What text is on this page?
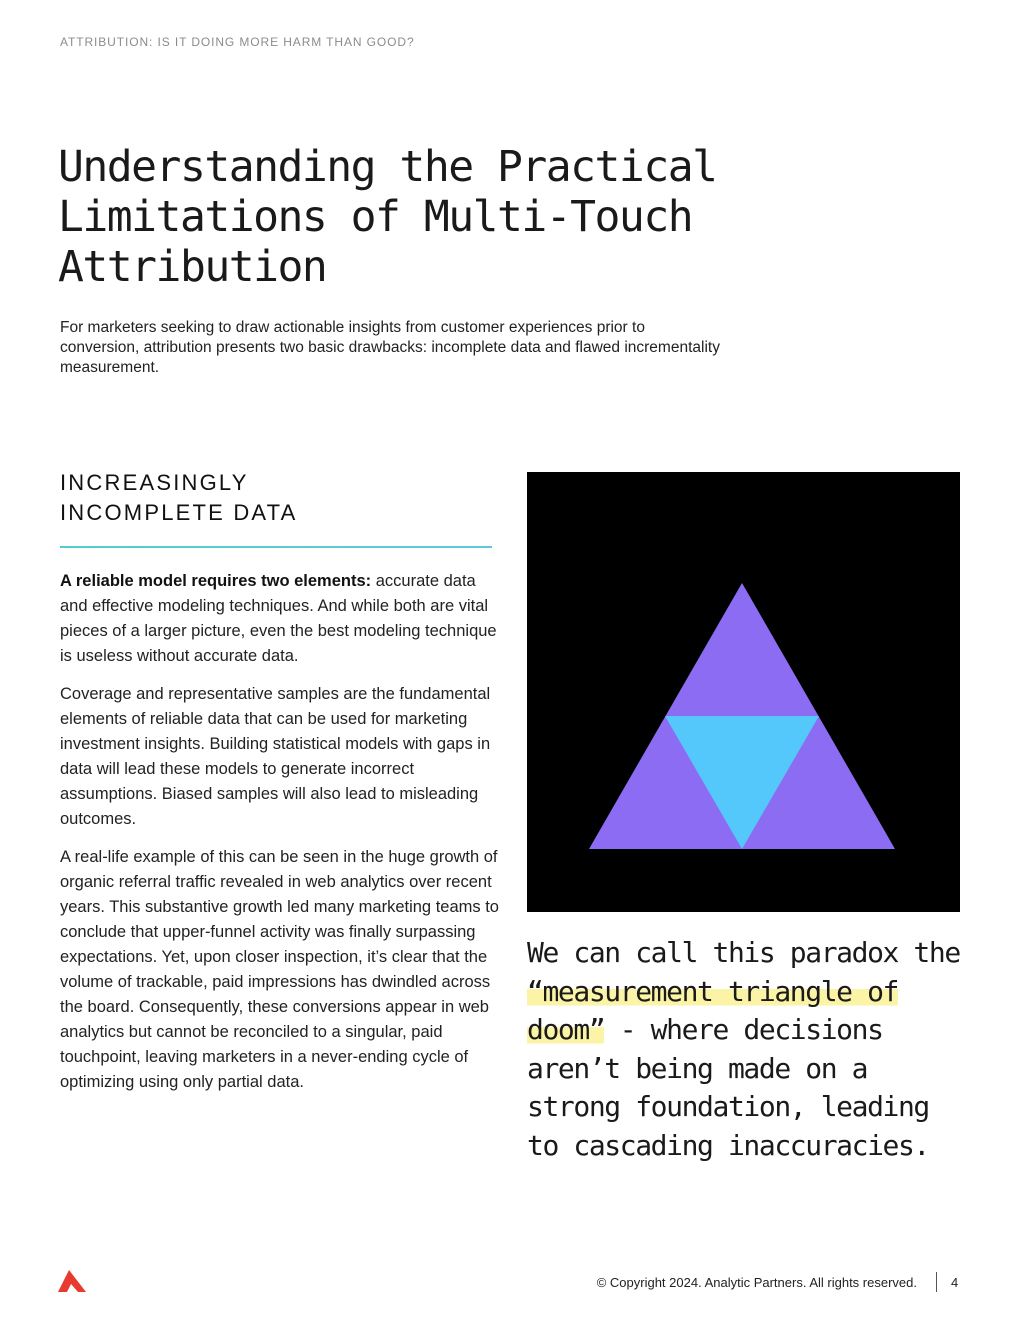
ATTRIBUTION: IS IT DOING MORE HARM THAN GOOD?
Understanding the Practical
Limitations of Multi-Touch
Attribution

For marketers seeking to draw actionable insights from customer experiences prior to conversion, attribution presents two basic drawbacks: incomplete data and flawed incrementality measurement.

INCREASINGLY
INCOMPLETE DATA

A reliable model requires two elements: accurate data and effective modeling techniques. And while both are vital pieces of a larger picture, even the best modeling technique is useless without accurate data.

Coverage and representative samples are the fundamental elements of reliable data that can be used for marketing investment insights. Building statistical models with gaps in data will lead these models to generate incorrect assumptions. Biased samples will also lead to misleading outcomes.

A real-life example of this can be seen in the huge growth of organic referral traffic revealed in web analytics over recent years. This substantive growth led many marketing teams to conclude that upper-funnel activity was finally surpassing expectations. Yet, upon closer inspection, it’s clear that the volume of trackable, paid impressions has dwindled across the board. Consequently, these conversions appear in web analytics but cannot be reconciled to a singular, paid touchpoint, leaving marketers in a never-ending cycle of optimizing using only partial data.

We can call this paradox the “measurement triangle of doom” - where decisions aren’t being made on a strong foundation, leading to cascading inaccuracies.

© Copyright 2024. Analytic Partners. All rights reserved.	4
